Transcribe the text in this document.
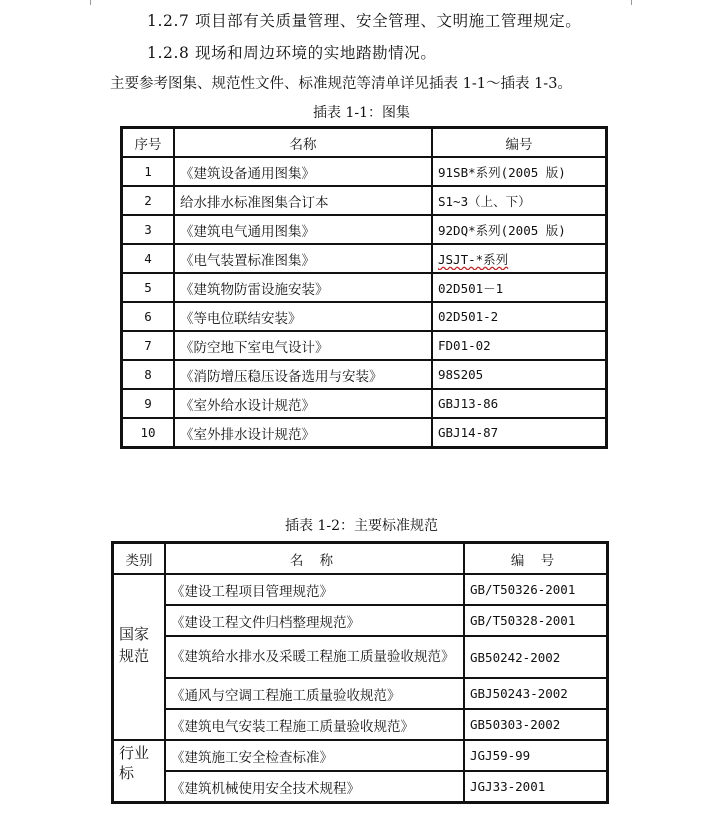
1.2.7 项目部有关质量管理、安全管理、文明施工管理规定。
1.2.8 现场和周边环境的实地踏勘情况。
主要参考图集、规范性文件、标准规范等清单详见插表 1-1～插表 1-3。
插表 1-1：图集
序号	名称	编号
1	《建筑设备通用图集》	91SB*系列(2005 版)
2	给水排水标准图集合订本	S1~3（上、下）
3	《建筑电气通用图集》	92DQ*系列(2005 版)
4	《电气装置标准图集》	JSJT-*系列
5	《建筑物防雷设施安装》	02D501－1
6	《等电位联结安装》	02D501-2
7	《防空地下室电气设计》	FD01-02
8	《消防增压稳压设备选用与安装》	98S205
9	《室外给水设计规范》	GBJ13-86
10	《室外排水设计规范》	GBJ14-87
插表 1-2：主要标准规范
类别	名 称	编 号
国家规范	《建设工程项目管理规范》	GB/T50326-2001
	《建设工程文件归档整理规范》	GB/T50328-2001
	《建筑给水排水及采暖工程施工质量验收规范》	GB50242-2002
	《通风与空调工程施工质量验收规范》	GBJ50243-2002
	《建筑电气安装工程施工质量验收规范》	GB50303-2002
行业标	《建筑施工安全检查标准》	JGJ59-99
	《建筑机械使用安全技术规程》	JGJ33-2001
